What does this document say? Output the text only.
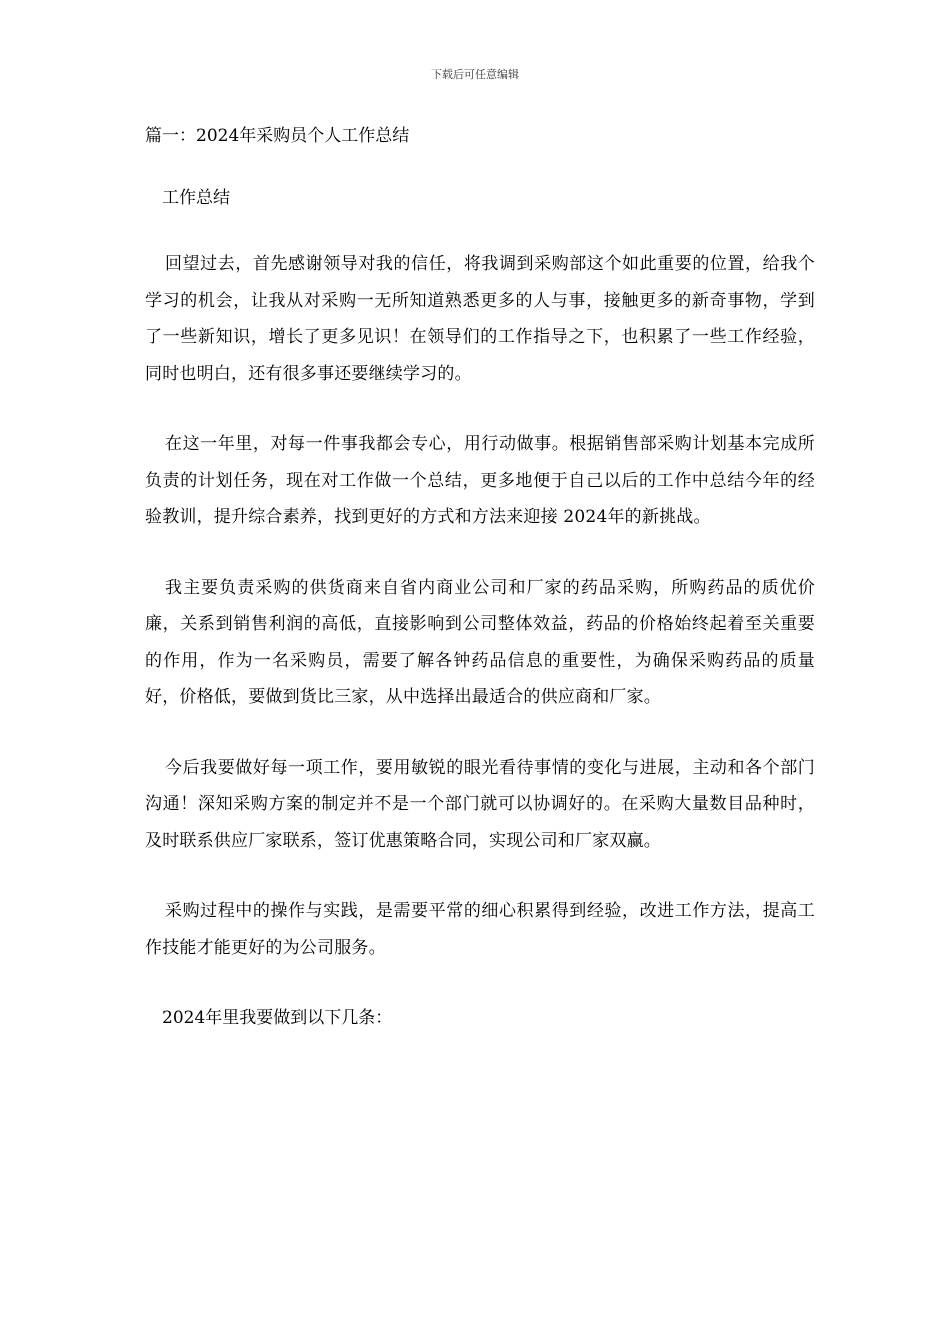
下载后可任意编辑
篇一：2024年采购员个人工作总结
工作总结

回望过去，首先感谢领导对我的信任，将我调到采购部这个如此重要的位置，给我个学习的机会，让我从对采购一无所知道熟悉更多的人与事，接触更多的新奇事物，学到了一些新知识，增长了更多见识！在领导们的工作指导之下，也积累了一些工作经验，同时也明白，还有很多事还要继续学习的。

在这一年里，对每一件事我都会专心，用行动做事。根据销售部采购计划基本完成所负责的计划任务，现在对工作做一个总结，更多地便于自己以后的工作中总结今年的经验教训，提升综合素养，找到更好的方式和方法来迎接 2024年的新挑战。

我主要负责采购的供货商来自省内商业公司和厂家的药品采购，所购药品的质优价廉，关系到销售利润的高低，直接影响到公司整体效益，药品的价格始终起着至关重要的作用，作为一名采购员，需要了解各钟药品信息的重要性，为确保采购药品的质量好，价格低，要做到货比三家，从中选择出最适合的供应商和厂家。

今后我要做好每一项工作，要用敏锐的眼光看待事情的变化与进展，主动和各个部门沟通！深知采购方案的制定并不是一个部门就可以协调好的。在采购大量数目品种时，及时联系供应厂家联系，签订优惠策略合同，实现公司和厂家双赢。

采购过程中的操作与实践，是需要平常的细心积累得到经验，改进工作方法，提高工作技能才能更好的为公司服务。

2024年里我要做到以下几条：
